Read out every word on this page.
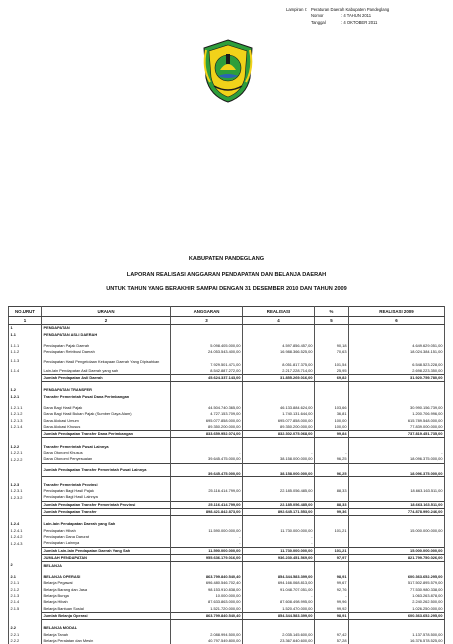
Lampiran I : Peraturan Daerah Kabupaten Pandeglang
Nomor	: 4 TAHUN 2011
Tanggal	: 4 OKTOBER 2011
KABUPATEN PANDEGLANG
LAPORAN REALISASI ANGGARAN PENDAPATAN DAN BELANJA DAERAH
UNTUK TAHUN YANG BERAKHIR SAMPAI DENGAN 31 DESEMBER 2010 DAN TAHUN 2009
NO.URUT	URAIAN	ANGGARAN	REALISASI	%	REALISASI 2009
1	2	3	4	5	6
1	PENDAPATAN				
1.1	PENDAPATAN ASLI DAERAH				

1.1.1	Pendapatan Pajak Daerah	5.098.405.000,00	4.597.856.457,00	90,18	4.649.629.051,00
1.1.2	Pendapatan Retribusi Daerah	24.053.543.400,00	16.988.366.525,00	70,63	18.024.384.151,00
1.1.3	Pendapatan Hasil Pengelolaan Kekayaan Daerah Yang Dipisahkan	7.929.501.471,00	8.051.817.375,00	101,54	6.548.523.228,00
1.1.4	Lain-lain Pendapatan Asli Daerah yang sah	8.542.887.272,00	2.217.228.714,00	25,95	2.698.223.350,00
	Jumlah Pendapatan Asli Daerah	45.624.337.143,00	31.855.269.016,00	69,82	31.920.759.780,00

1.2	PENDAPATAN TRANSFER				
1.2.1	Transfer Pemerintah Pusat Dana Perimbangan				

1.2.1.1	Dana Bagi Hasil Pajak	44.504.740.365,00	46.133.884.624,00	103,66	30.990.156.739,00
1.2.1.2	Dana Bagi Hasil Bukan Pajak (Sumber Daya Alam)	4.727.153.709,00	1.740.131.644,00	36,81	1.200.706.996,00
1.2.1.3	Dana Alokasi Umum	695.077.858.000,00	695.077.858.000,00	100,00	615.789.548.000,00
1.2.1.4	Dana Alokasi Khusus	89.350.200.000,00	89.350.200.000,00	100,00	77.839.000.000,00
	Jumlah Pendapatan Transfer Dana Perimbangan	833.659.952.074,00	832.302.075.068,00	99,84	737.819.451.735,00

1.2.2	Transfer Pemerintah Pusat Lainnya				
1.2.2.1	Dana Otonomi Khusus	-	-	-	-
1.2.2.2	Dana Otonomi Penyesuaian	39.645.475.000,00	38.158.000.000,00	96,25	18.096.375.000,00
	Jumlah Pendapatan Transfer Pemerintah Pusat Lainnya	39.645.475.000,00	38.158.000.000,00	96,25	18.096.375.000,00

1.2.3	Transfer Pemerintah Provinsi				
1.2.3.1	Pendapatan Bagi Hasil Pajak	25.116.414.799,00	22.185.056.485,00	88,33	18.663.163.511,00
1.2.3.2	Pendapatan Bagi Hasil Lainnya				
	Jumlah Pendapatan Transfer Pemerintah Provinsi	25.116.414.799,00	22.185.056.485,00	88,33	18.663.163.511,00
	Jumlah Pendapatan Transfer	898.421.842.873,00	892.645.171.553,00	99,36	774.878.990.246,00

1.2.4	Lain-lain Pendapatan Daerah yang Sah				
1.2.4.1	Pendapatan Hibah	11.590.000.000,00	11.730.000.000,00	101,21	15.000.000.000,00
1.2.4.2	Pendapatan Dana Darurat	-	-		
1.2.4.3	Pendapatan Lainnya	-	-		
	Jumlah Lain-lain Pendapatan Daerah Yang Sah	11.590.000.000,00	11.730.000.000,00	101,21	15.000.000.000,00
	JUMLAH PENDAPATAN	955.636.179.016,00	936.230.451.569,00	97,97	821.799.750.026,00
2	BELANJA				

2.1	BELANJA OPERASI	863.799.840.540,40	854.344.583.399,00	98,91	600.363.652.295,00
2.1.1	Belanja Pegawai	696.480.546.702,40	694.166.068.813,00	99,67	517.502.895.579,00
2.1.2	Belanja Barang dan Jasa	98.153.910.838,00	91.048.707.051,00	92,76	77.530.980.338,00
2.1.3	Belanja Bunga	10.000.000,00	-	-	1.063.263.878,00
2.1.4	Belanja Hibah	87.633.863.000,00	87.608.498.995,00	99,96	2.240.262.500,00
2.1.5	Belanja Bantuan Sosial	1.521.720.000,00	1.520.470.000,00	99,92	1.026.250.000,00
	Jumlah Belanja Operasi	863.799.840.540,40	854.344.583.399,00	98,91	600.363.652.295,00

2.2	BELANJA MODAL				
2.2.1	Belanja Tanah	2.088.994.500,00	2.035.145.600,00	97,42	1.137.578.500,00
2.2.2	Belanja Peralatan dan Mesin	40.797.549.800,00	23.367.640.600,00	57,28	16.376.578.525,00
